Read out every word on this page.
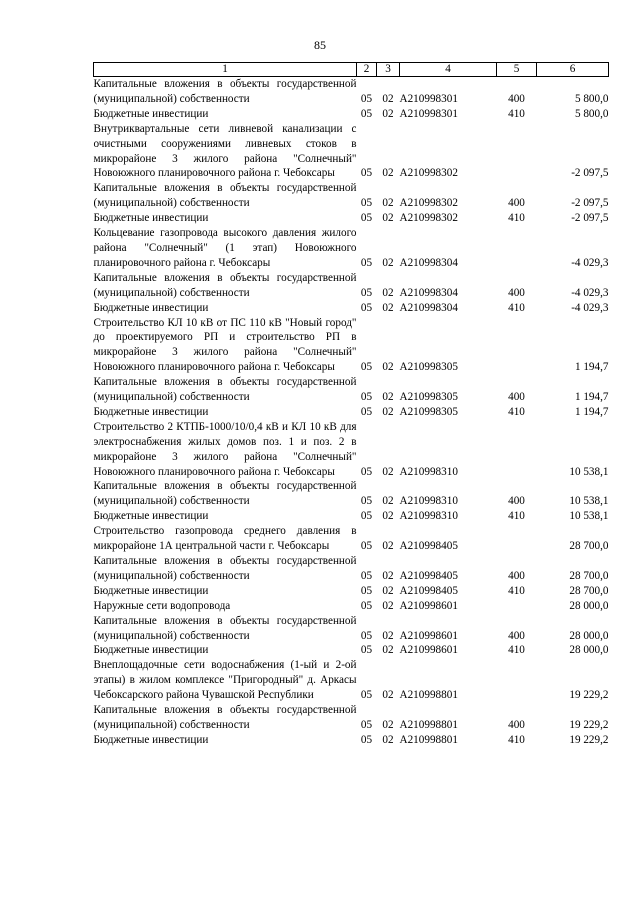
85
1	2	3	4	5	6
Капитальные вложения в объекты государственной (муниципальной) собственности	05	02	А210998301	400	5 800,0
Бюджетные инвестиции	05	02	А210998301	410	5 800,0
Внутриквартальные сети ливневой канализации с очистными сооружениями ливневых стоков в микрорайоне 3 жилого района "Солнечный" Новоюжного планировочного района г. Чебоксары	05	02	А210998302		-2 097,5
Капитальные вложения в объекты государственной (муниципальной) собственности	05	02	А210998302	400	-2 097,5
Бюджетные инвестиции	05	02	А210998302	410	-2 097,5
Кольцевание газопровода высокого давления жилого района "Солнечный" (1 этап) Новоюжного планировочного района г. Чебоксары	05	02	А210998304		-4 029,3
Капитальные вложения в объекты государственной (муниципальной) собственности	05	02	А210998304	400	-4 029,3
Бюджетные инвестиции	05	02	А210998304	410	-4 029,3
Строительство КЛ 10 кВ от ПС 110 кВ "Новый город" до проектируемого РП и строительство РП в микрорайоне 3 жилого района "Солнечный" Новоюжного планировочного района г. Чебоксары	05	02	А210998305		1 194,7
Капитальные вложения в объекты государственной (муниципальной) собственности	05	02	А210998305	400	1 194,7
Бюджетные инвестиции	05	02	А210998305	410	1 194,7
Строительство 2 КТПБ-1000/10/0,4 кВ и КЛ 10 кВ для электроснабжения жилых домов поз. 1 и поз. 2 в микрорайоне 3 жилого района "Солнечный" Новоюжного планировочного района г. Чебоксары	05	02	А210998310		10 538,1
Капитальные вложения в объекты государственной (муниципальной) собственности	05	02	А210998310	400	10 538,1
Бюджетные инвестиции	05	02	А210998310	410	10 538,1
Строительство газопровода среднего давления в микрорайоне 1А центральной части г. Чебоксары	05	02	А210998405		28 700,0
Капитальные вложения в объекты государственной (муниципальной) собственности	05	02	А210998405	400	28 700,0
Бюджетные инвестиции	05	02	А210998405	410	28 700,0
Наружные сети водопровода	05	02	А210998601		28 000,0
Капитальные вложения в объекты государственной (муниципальной) собственности	05	02	А210998601	400	28 000,0
Бюджетные инвестиции	05	02	А210998601	410	28 000,0
Внеплощадочные сети водоснабжения (1-ый и 2-ой этапы) в жилом комплексе "Пригородный" д. Аркасы Чебоксарского района Чувашской Республики	05	02	А210998801		19 229,2
Капитальные вложения в объекты государственной (муниципальной) собственности	05	02	А210998801	400	19 229,2
Бюджетные инвестиции	05	02	А210998801	410	19 229,2
